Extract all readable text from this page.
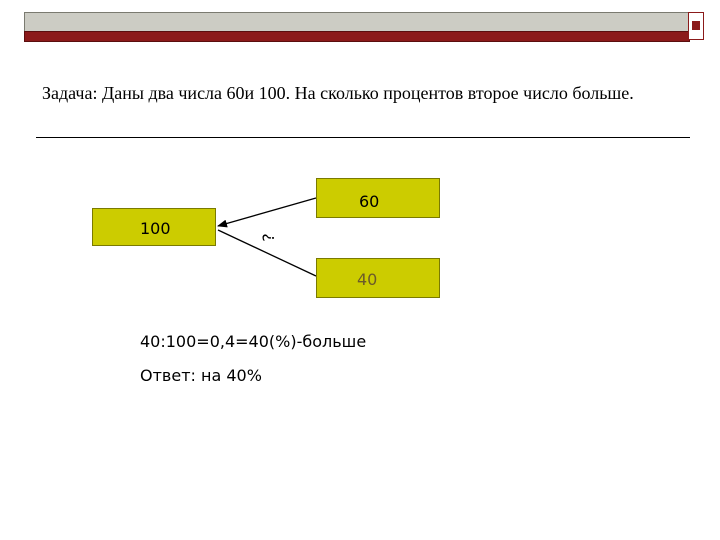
Задача: Даны два числа 60и 100. На сколько процентов второе число больше.
100
60
40
?
40:100=0,4=40(%)-больше
Ответ: на 40%
